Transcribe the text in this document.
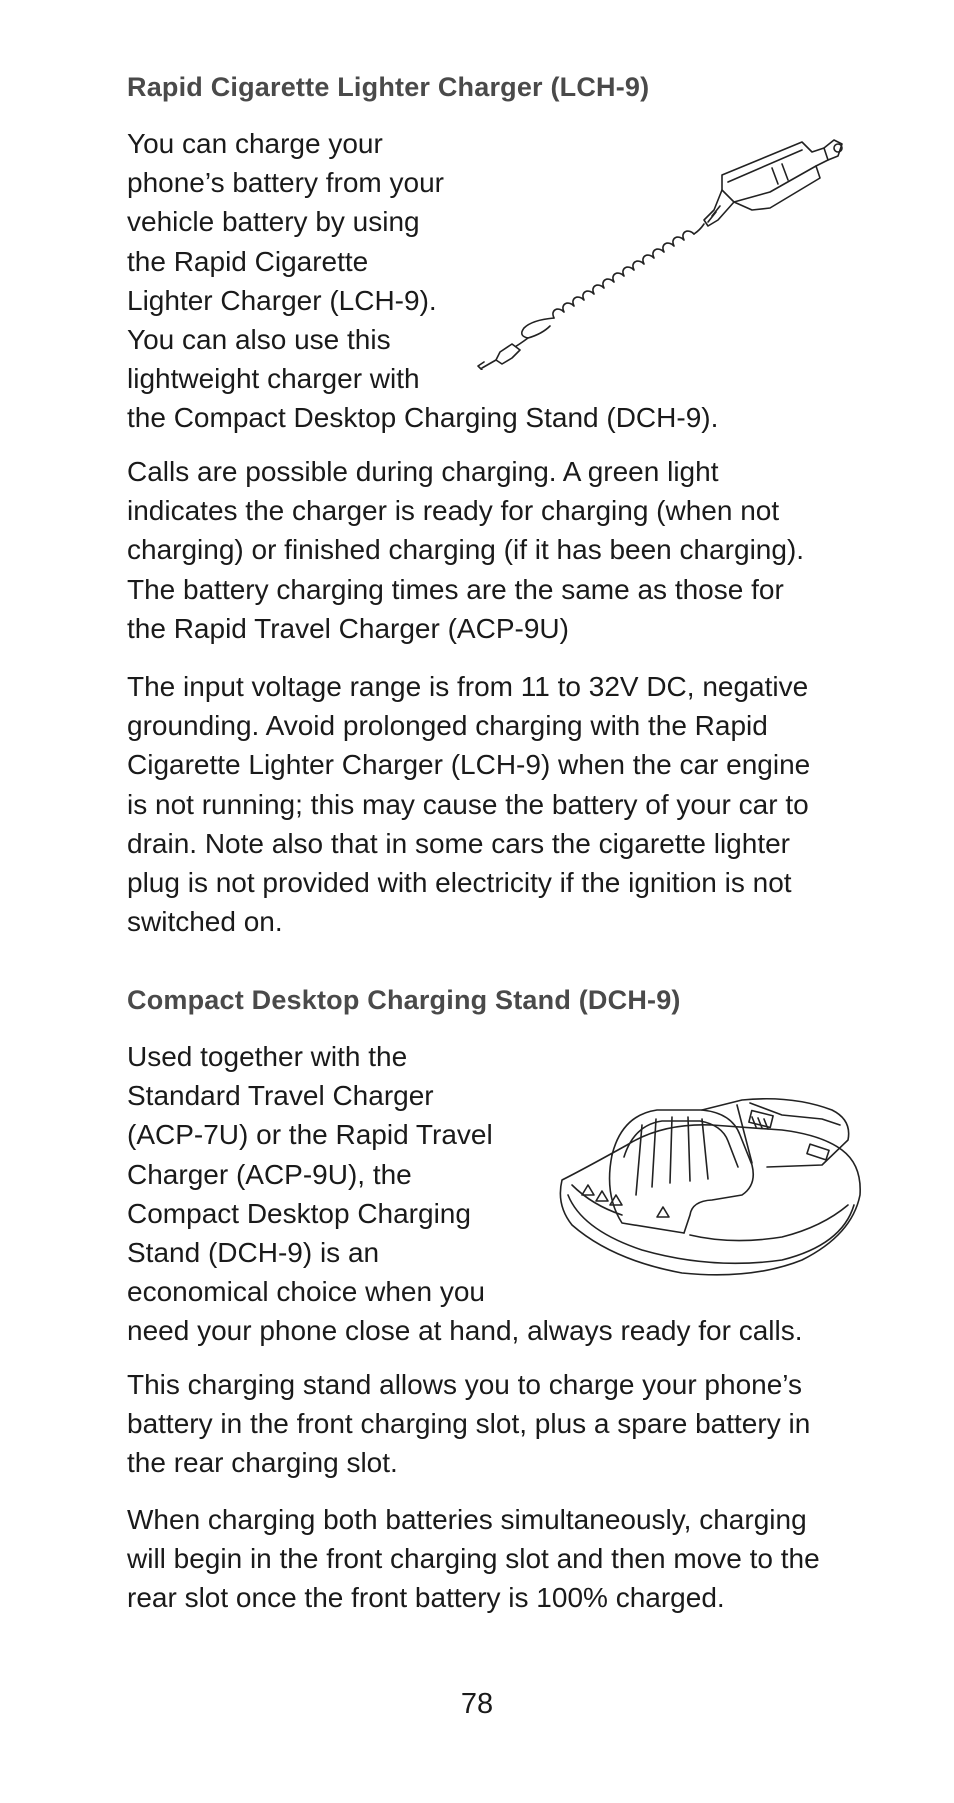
Rapid Cigarette Lighter Charger (LCH-9)
You can charge your
phone’s battery from your
vehicle battery by using
the Rapid Cigarette
Lighter Charger (LCH-9).
You can also use this
lightweight charger with
the Compact Desktop Charging Stand (DCH-9).
Calls are possible during charging. A green light
indicates the charger is ready for charging (when not
charging) or finished charging (if it has been charging).
The battery charging times are the same as those for
the Rapid Travel Charger (ACP-9U)
The input voltage range is from 11 to 32V DC, negative
grounding. Avoid prolonged charging with the Rapid
Cigarette Lighter Charger (LCH-9) when the car engine
is not running; this may cause the battery of your car to
drain. Note also that in some cars the cigarette lighter
plug is not provided with electricity if the ignition is not
switched on.
Compact Desktop Charging Stand (DCH-9)
Used together with the
Standard Travel Charger
(ACP-7U) or the Rapid Travel
Charger (ACP-9U), the
Compact Desktop Charging
Stand (DCH-9) is an
economical choice when you
need your phone close at hand, always ready for calls.
This charging stand allows you to charge your phone’s
battery in the front charging slot, plus a spare battery in
the rear charging slot.
When charging both batteries simultaneously, charging
will begin in the front charging slot and then move to the
rear slot once the front battery is 100% charged.
78
